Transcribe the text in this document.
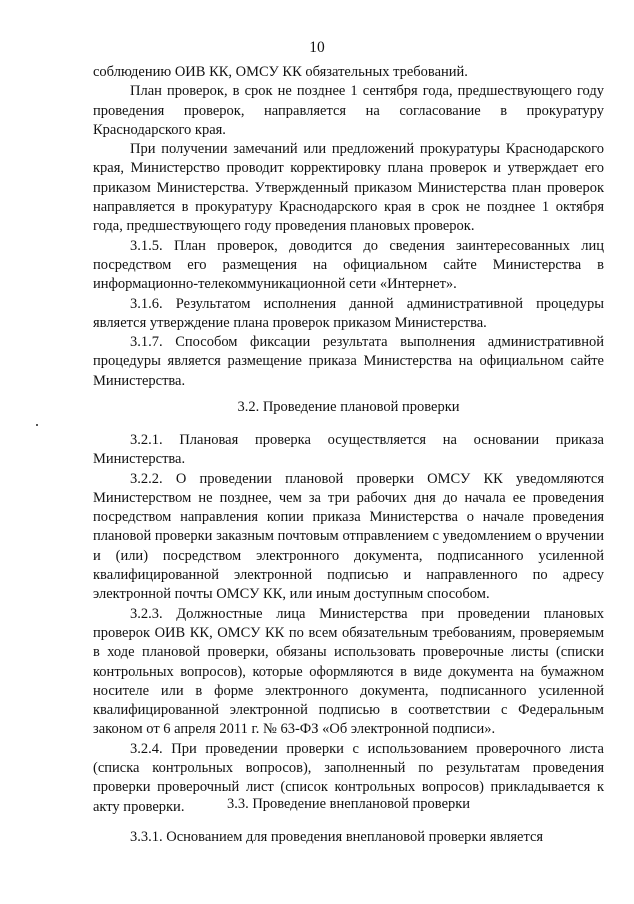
10

соблюдению ОИВ КК, ОМСУ КК обязательных требований.

План проверок, в срок не позднее 1 сентября года, предшествующего году проведения проверок, направляется на согласование в прокуратуру Краснодарского края.

При получении замечаний или предложений прокуратуры Краснодарского края, Министерство проводит корректировку плана проверок и утверждает его приказом Министерства. Утвержденный приказом Министерства план проверок направляется в прокуратуру Краснодарского края в срок не позднее 1 октября года, предшествующего году проведения плановых проверок.

3.1.5. План проверок, доводится до сведения заинтересованных лиц посредством его размещения на официальном сайте Министерства в информационно-телекоммуникационной сети «Интернет».

3.1.6. Результатом исполнения данной административной процедуры является утверждение плана проверок приказом Министерства.

3.1.7. Способом фиксации результата выполнения административной процедуры является размещение приказа Министерства на официальном сайте Министерства.

3.2. Проведение плановой проверки

3.2.1. Плановая проверка осуществляется на основании приказа Министерства.

3.2.2. О проведении плановой проверки ОМСУ КК уведомляются Министерством не позднее, чем за три рабочих дня до начала ее проведения посредством направления копии приказа Министерства о начале проведения плановой проверки заказным почтовым отправлением с уведомлением о вручении и (или) посредством электронного документа, подписанного усиленной квалифицированной электронной подписью и направленного по адресу электронной почты ОМСУ КК, или иным доступным способом.

3.2.3. Должностные лица Министерства при проведении плановых проверок ОИВ КК, ОМСУ КК по всем обязательным требованиям, проверяемым в ходе плановой проверки, обязаны использовать проверочные листы (списки контрольных вопросов), которые оформляются в виде документа на бумажном носителе или в форме электронного документа, подписанного усиленной квалифицированной электронной подписью в соответствии с Федеральным законом от 6 апреля 2011 г. № 63-ФЗ «Об электронной подписи».

3.2.4. При проведении проверки с использованием проверочного листа (списка контрольных вопросов), заполненный по результатам проведения проверки проверочный лист (список контрольных вопросов) прикладывается к акту проверки.	3.3. Проведение внеплановой проверки

3.3.1. Основанием для проведения внеплановой проверки является
